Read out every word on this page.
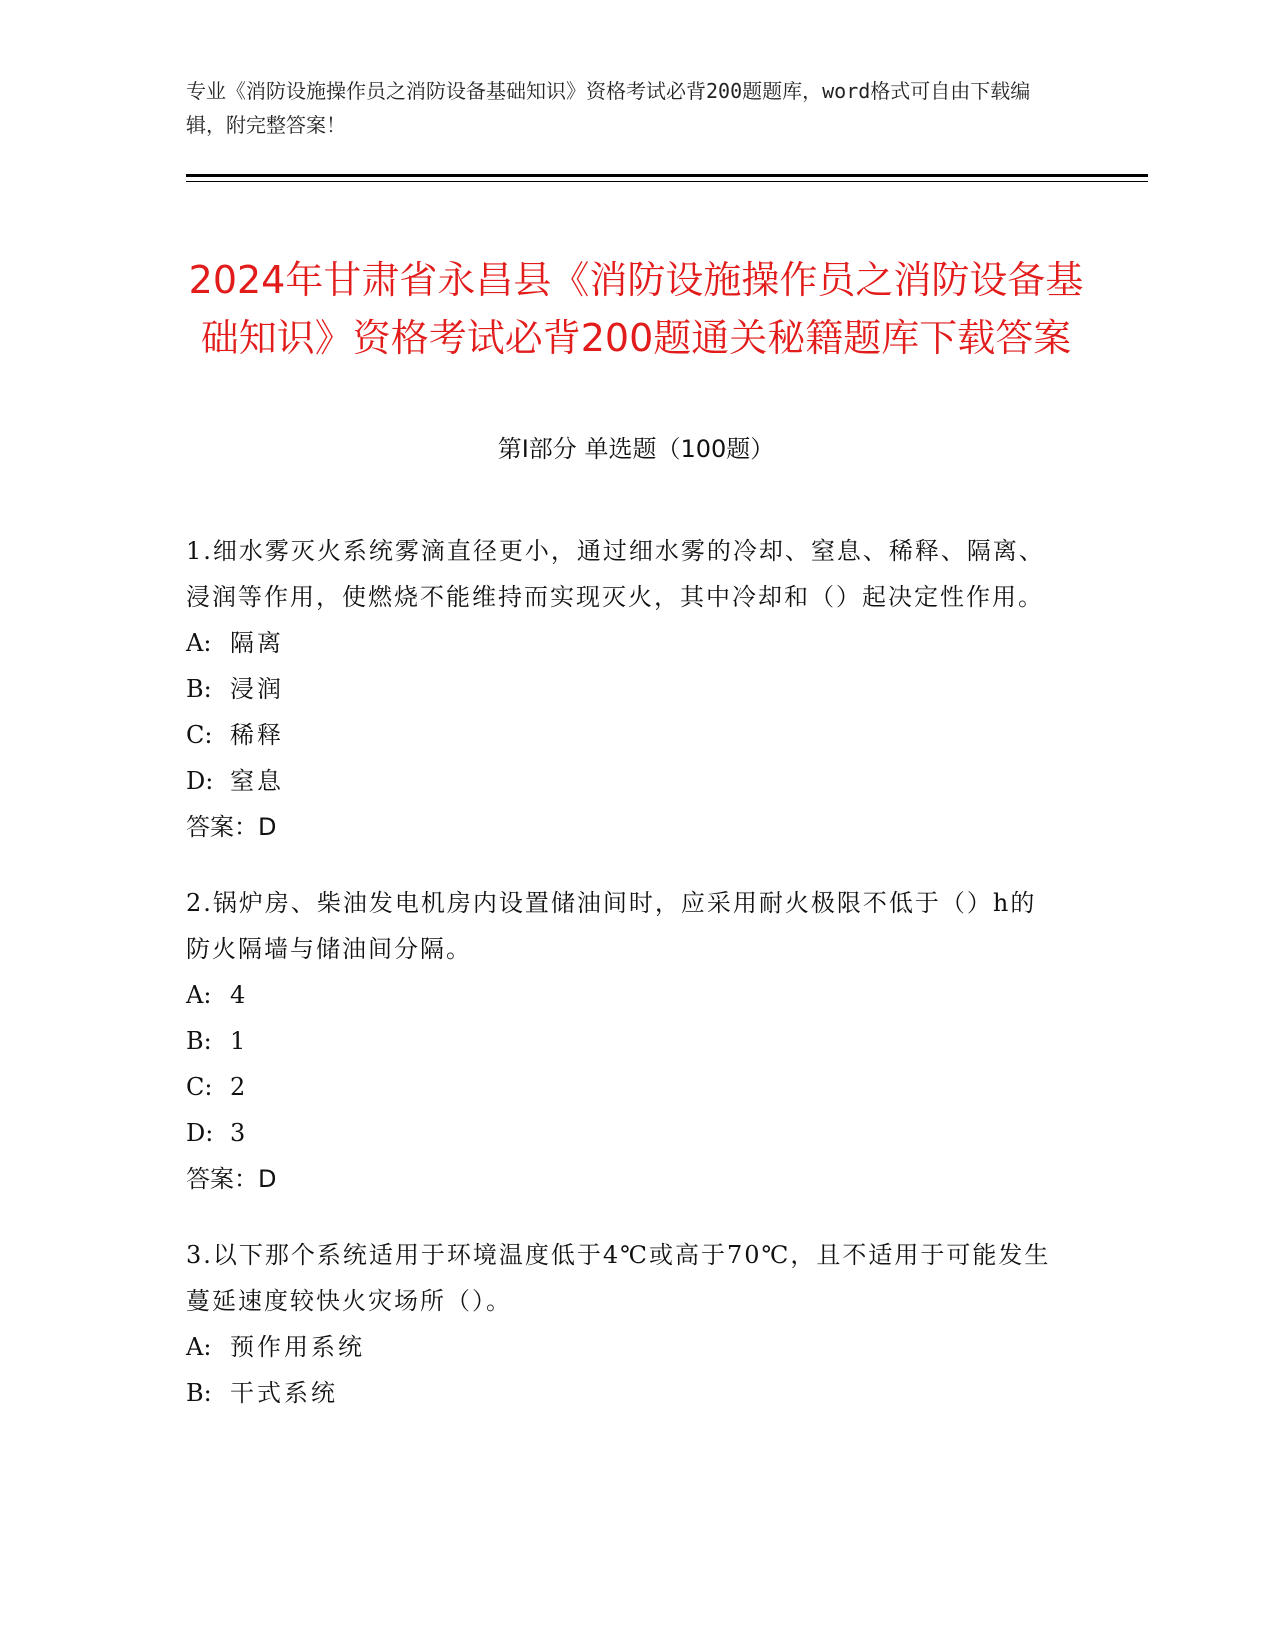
专业《消防设施操作员之消防设备基础知识》资格考试必背200题题库，word格式可自由下载编辑，附完整答案！
2024年甘肃省永昌县《消防设施操作员之消防设备基础知识》资格考试必背200题通关秘籍题库下载答案
第I部分 单选题（100题）
1.细水雾灭火系统雾滴直径更小，通过细水雾的冷却、窒息、稀释、隔离、浸润等作用，使燃烧不能维持而实现灭火，其中冷却和（）起决定性作用。
A: 隔离
B: 浸润
C: 稀释
D: 窒息
答案：D
2.锅炉房、柴油发电机房内设置储油间时，应采用耐火极限不低于（）h的防火隔墙与储油间分隔。
A: 4
B: 1
C: 2
D: 3
答案：D
3.以下那个系统适用于环境温度低于4℃或高于70℃，且不适用于可能发生蔓延速度较快火灾场所（）。
A: 预作用系统
B: 干式系统
